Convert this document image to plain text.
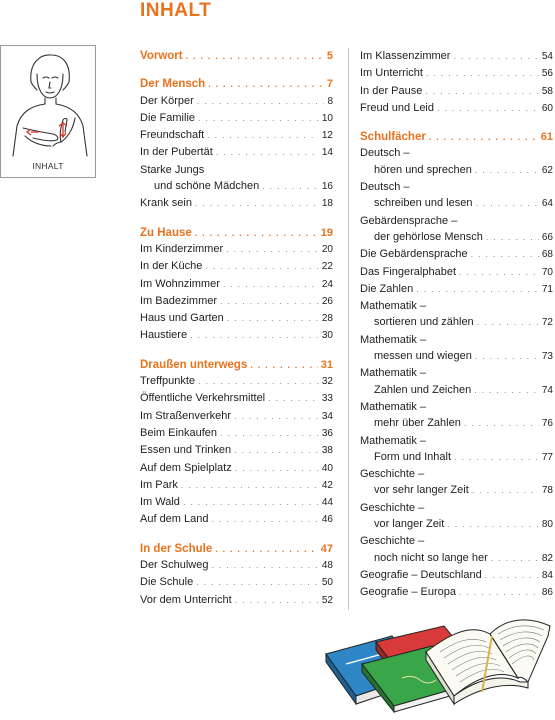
INHALT
INHALT
Vorwort . . .	5
Der Mensch . . .	7
Der Körper . . .	8
Die Familie . . .	10
Freundschaft . . .	12
In der Pubertät . . .	14
Starke Jungs
und schöne Mädchen . . .	16
Krank sein . . .	18
Zu Hause . . .	19
Im Kinderzimmer . . .	20
In der Küche . . .	22
Im Wohnzimmer . . .	24
Im Badezimmer . . .	26
Haus und Garten . . .	28
Haustiere . . .	30
Draußen unterwegs . . .	31
Treffpunkte . . .	32
Öffentliche Verkehrsmittel . . .	33
Im Straßenverkehr . . .	34
Beim Einkaufen . . .	36
Essen und Trinken . . .	38
Auf dem Spielplatz . . .	40
Im Park . . .	42
Im Wald . . .	44
Auf dem Land . . .	46
In der Schule . . .	47
Der Schulweg . . .	48
Die Schule . . .	50
Vor dem Unterricht . . .	52
Im Klassenzimmer . . .	54
Im Unterricht . . .	56
In der Pause . . .	58
Freud und Leid . . .	60
Schulfächer . . .	61
Deutsch –
hören und sprechen . . .	62
Deutsch –
schreiben und lesen . . .	64
Gebärdensprache –
der gehörlose Mensch . . .	66
Die Gebärdensprache . . .	68
Das Fingeralphabet . . .	70
Die Zahlen . . .	71
Mathematik –
sortieren und zählen . . .	72
Mathematik –
messen und wiegen . . .	73
Mathematik –
Zahlen und Zeichen . . .	74
Mathematik –
mehr über Zahlen . . .	76
Mathematik –
Form und Inhalt . . .	77
Geschichte –
vor sehr langer Zeit . . .	78
Geschichte –
vor langer Zeit . . .	80
Geschichte –
noch nicht so lange her . . .	82
Geografie – Deutschland . . .	84
Geografie – Europa . . .	86
